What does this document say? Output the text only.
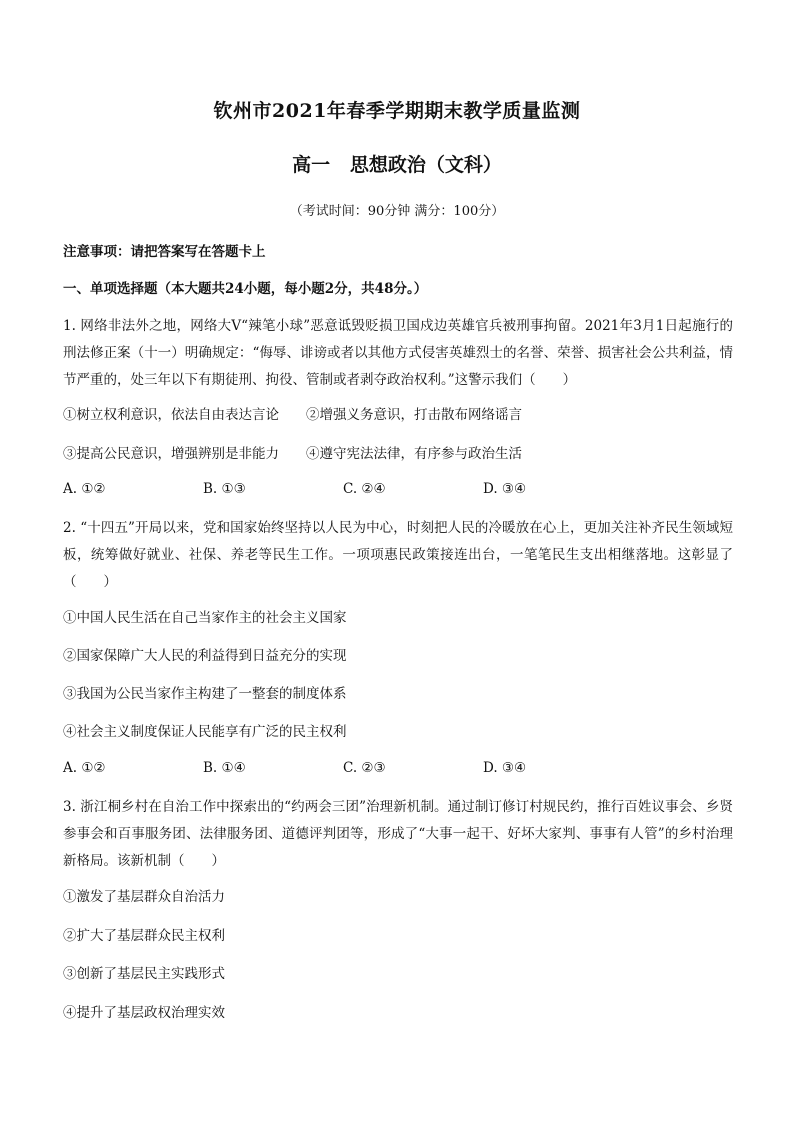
钦州市2021年春季学期期末教学质量监测
高一   思想政治（文科）
（考试时间：90分钟 满分：100分）
注意事项：请把答案写在答题卡上
一、单项选择题（本大题共24小题，每小题2分，共48分。）
1. 网络非法外之地，网络大V“辣笔小球”恶意诋毁贬损卫国戍边英雄官兵被刑事拘留。2021年3月1日起施行的刑法修正案（十一）明确规定：“侮辱、诽谤或者以其他方式侵害英雄烈士的名誉、荣誉、损害社会公共利益，情节严重的，处三年以下有期徒刑、拘役、管制或者剥夺政治权利。”这警示我们（　　）
①树立权利意识，依法自由表达言论　　②增强义务意识，打击散布网络谣言
③提高公民意识，增强辨别是非能力　　④遵守宪法法律，有序参与政治生活
A. ①②	B. ①③	C. ②④	D. ③④
2. “十四五”开局以来，党和国家始终坚持以人民为中心，时刻把人民的冷暖放在心上，更加关注补齐民生领域短板，统筹做好就业、社保、养老等民生工作。一项项惠民政策接连出台，一笔笔民生支出相继落地。这彰显了（　　）
①中国人民生活在自己当家作主的社会主义国家
②国家保障广大人民的利益得到日益充分的实现
③我国为公民当家作主构建了一整套的制度体系
④社会主义制度保证人民能享有广泛的民主权利
A. ①②	B. ①④	C. ②③	D. ③④
3. 浙江桐乡村在自治工作中探索出的“约两会三团”治理新机制。通过制订修订村规民约，推行百姓议事会、乡贤参事会和百事服务团、法律服务团、道德评判团等，形成了“大事一起干、好坏大家判、事事有人管”的乡村治理新格局。该新机制（　　）
①激发了基层群众自治活力
②扩大了基层群众民主权利
③创新了基层民主实践形式
④提升了基层政权治理实效
